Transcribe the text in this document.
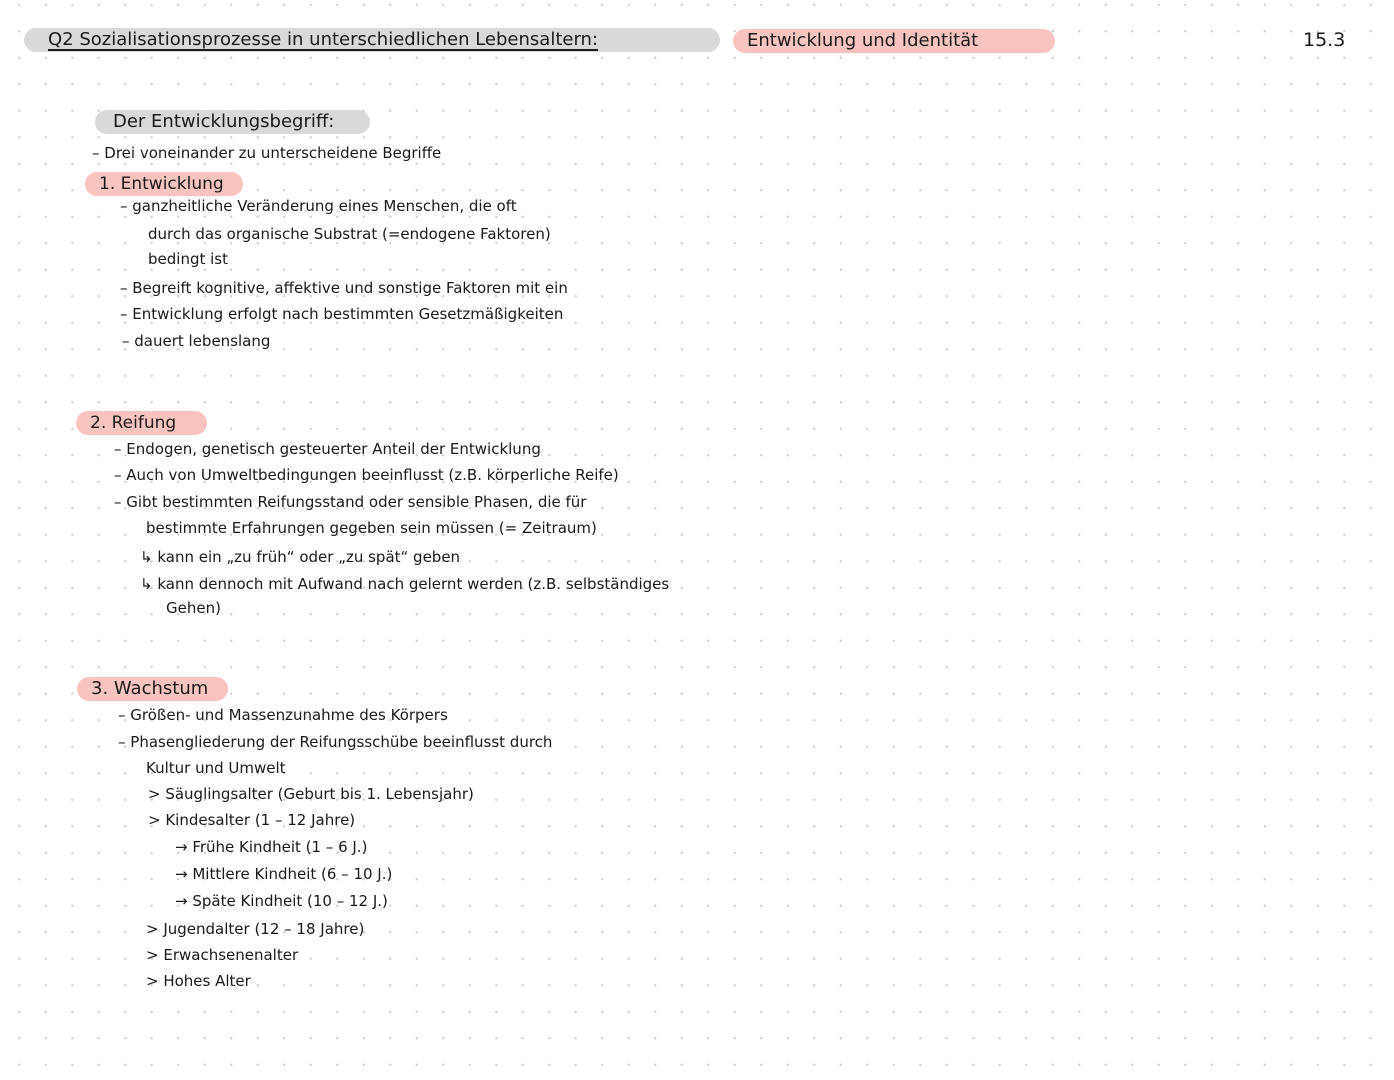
Q2 Sozialisationsprozesse in unterschiedlichen Lebensaltern:	Entwicklung und Identität	15.3
Der Entwicklungsbegriff:
– Drei voneinander zu unterscheidene Begriffe
1. Entwicklung
– ganzheitliche Veränderung eines Menschen, die oft
durch das organische Substrat (=endogene Faktoren)
bedingt ist
– Begreift kognitive, affektive und sonstige Faktoren mit ein
– Entwicklung erfolgt nach bestimmten Gesetzmäßigkeiten
– dauert lebenslang
2. Reifung
– Endogen, genetisch gesteuerter Anteil der Entwicklung
– Auch von Umweltbedingungen beeinflusst (z.B. körperliche Reife)
– Gibt bestimmten Reifungsstand oder sensible Phasen, die für
bestimmte Erfahrungen gegeben sein müssen (= Zeitraum)
↳ kann ein „zu früh“ oder „zu spät“ geben
↳ kann dennoch mit Aufwand nach gelernt werden (z.B. selbständiges
Gehen)
3. Wachstum
– Größen- und Massenzunahme des Körpers
– Phasengliederung der Reifungsschübe beeinflusst durch
Kultur und Umwelt
> Säuglingsalter (Geburt bis 1. Lebensjahr)
> Kindesalter (1 – 12 Jahre)
→ Frühe Kindheit (1 – 6 J.)
→ Mittlere Kindheit (6 – 10 J.)
→ Späte Kindheit (10 – 12 J.)
> Jugendalter (12 – 18 Jahre)
> Erwachsenenalter
> Hohes Alter
